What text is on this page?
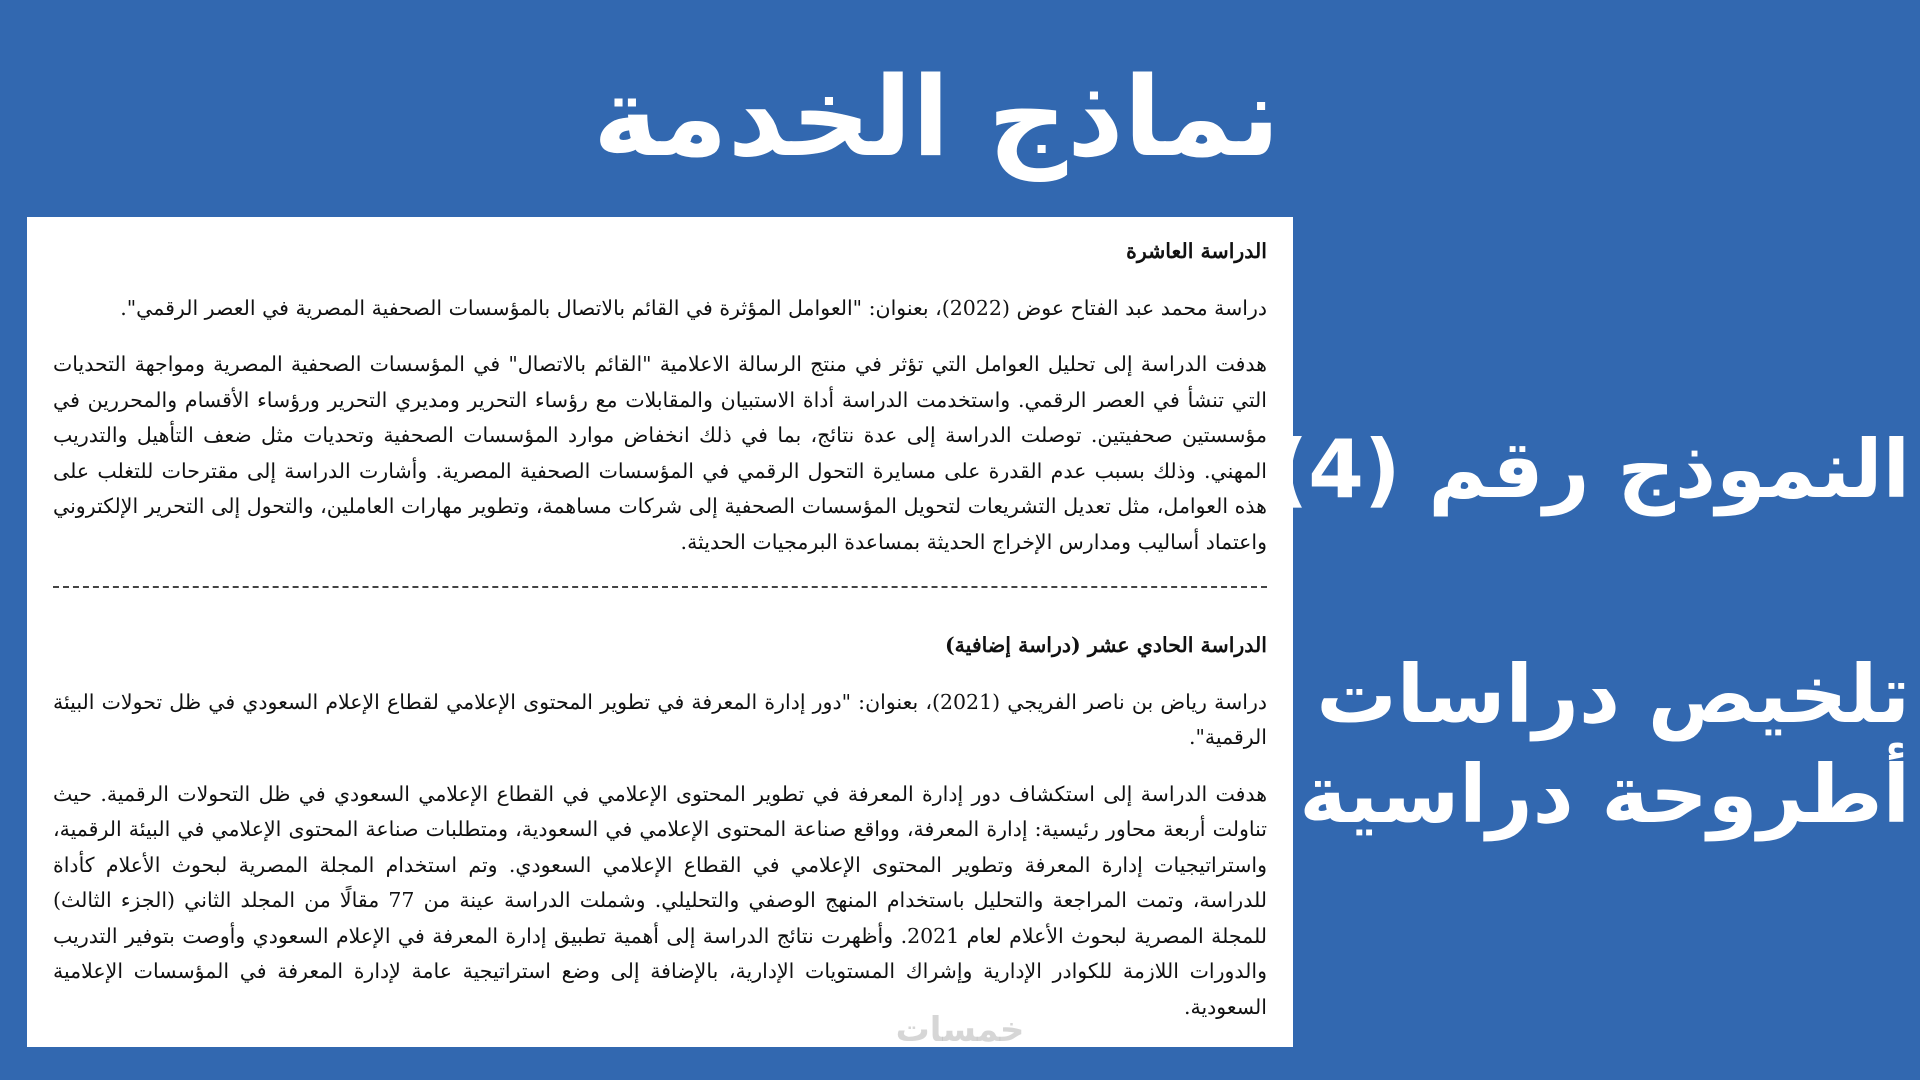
نماذج الخدمة

الدراسة العاشرة

دراسة محمد عبد الفتاح عوض (2022)، بعنوان: "العوامل المؤثرة في القائم بالاتصال بالمؤسسات الصحفية المصرية في العصر الرقمي".

هدفت الدراسة إلى تحليل العوامل التي تؤثر في منتج الرسالة الاعلامية "القائم بالاتصال" في المؤسسات الصحفية المصرية ومواجهة التحديات التي تنشأ في العصر الرقمي. واستخدمت الدراسة أداة الاستبيان والمقابلات مع رؤساء التحرير ومديري التحرير ورؤساء الأقسام والمحررين في مؤسستين صحفيتين. توصلت الدراسة إلى عدة نتائج، بما في ذلك انخفاض موارد المؤسسات الصحفية وتحديات مثل ضعف التأهيل والتدريب المهني. وذلك بسبب عدم القدرة على مسايرة التحول الرقمي في المؤسسات الصحفية المصرية. وأشارت الدراسة إلى مقترحات للتغلب على هذه العوامل، مثل تعديل التشريعات لتحويل المؤسسات الصحفية إلى شركات مساهمة، وتطوير مهارات العاملين، والتحول إلى التحرير الإلكتروني واعتماد أساليب ومدارس الإخراج الحديثة بمساعدة البرمجيات الحديثة.

الدراسة الحادي عشر (دراسة إضافية)

دراسة رياض بن ناصر الفريجي (2021)، بعنوان: "دور إدارة المعرفة في تطوير المحتوى الإعلامي لقطاع الإعلام السعودي في ظل تحولات البيئة الرقمية".

هدفت الدراسة إلى استكشاف دور إدارة المعرفة في تطوير المحتوى الإعلامي في القطاع الإعلامي السعودي في ظل التحولات الرقمية. حيث تناولت أربعة محاور رئيسية: إدارة المعرفة، وواقع صناعة المحتوى الإعلامي في السعودية، ومتطلبات صناعة المحتوى الإعلامي في البيئة الرقمية، واستراتيجيات إدارة المعرفة وتطوير المحتوى الإعلامي في القطاع الإعلامي السعودي. وتم استخدام المجلة المصرية لبحوث الأعلام كأداة للدراسة، وتمت المراجعة والتحليل باستخدام المنهج الوصفي والتحليلي. وشملت الدراسة عينة من 77 مقالًا من المجلد الثاني (الجزء الثالث) للمجلة المصرية لبحوث الأعلام لعام 2021. وأظهرت نتائج الدراسة إلى أهمية تطبيق إدارة المعرفة في الإعلام السعودي وأوصت بتوفير التدريب والدورات اللازمة للكوادر الإدارية وإشراك المستويات الإدارية، بالإضافة إلى وضع استراتيجية عامة لإدارة المعرفة في المؤسسات الإعلامية السعودية.

خمسات
النموذج رقم (4)
تلخيص دراسات
أطروحة دراسية
